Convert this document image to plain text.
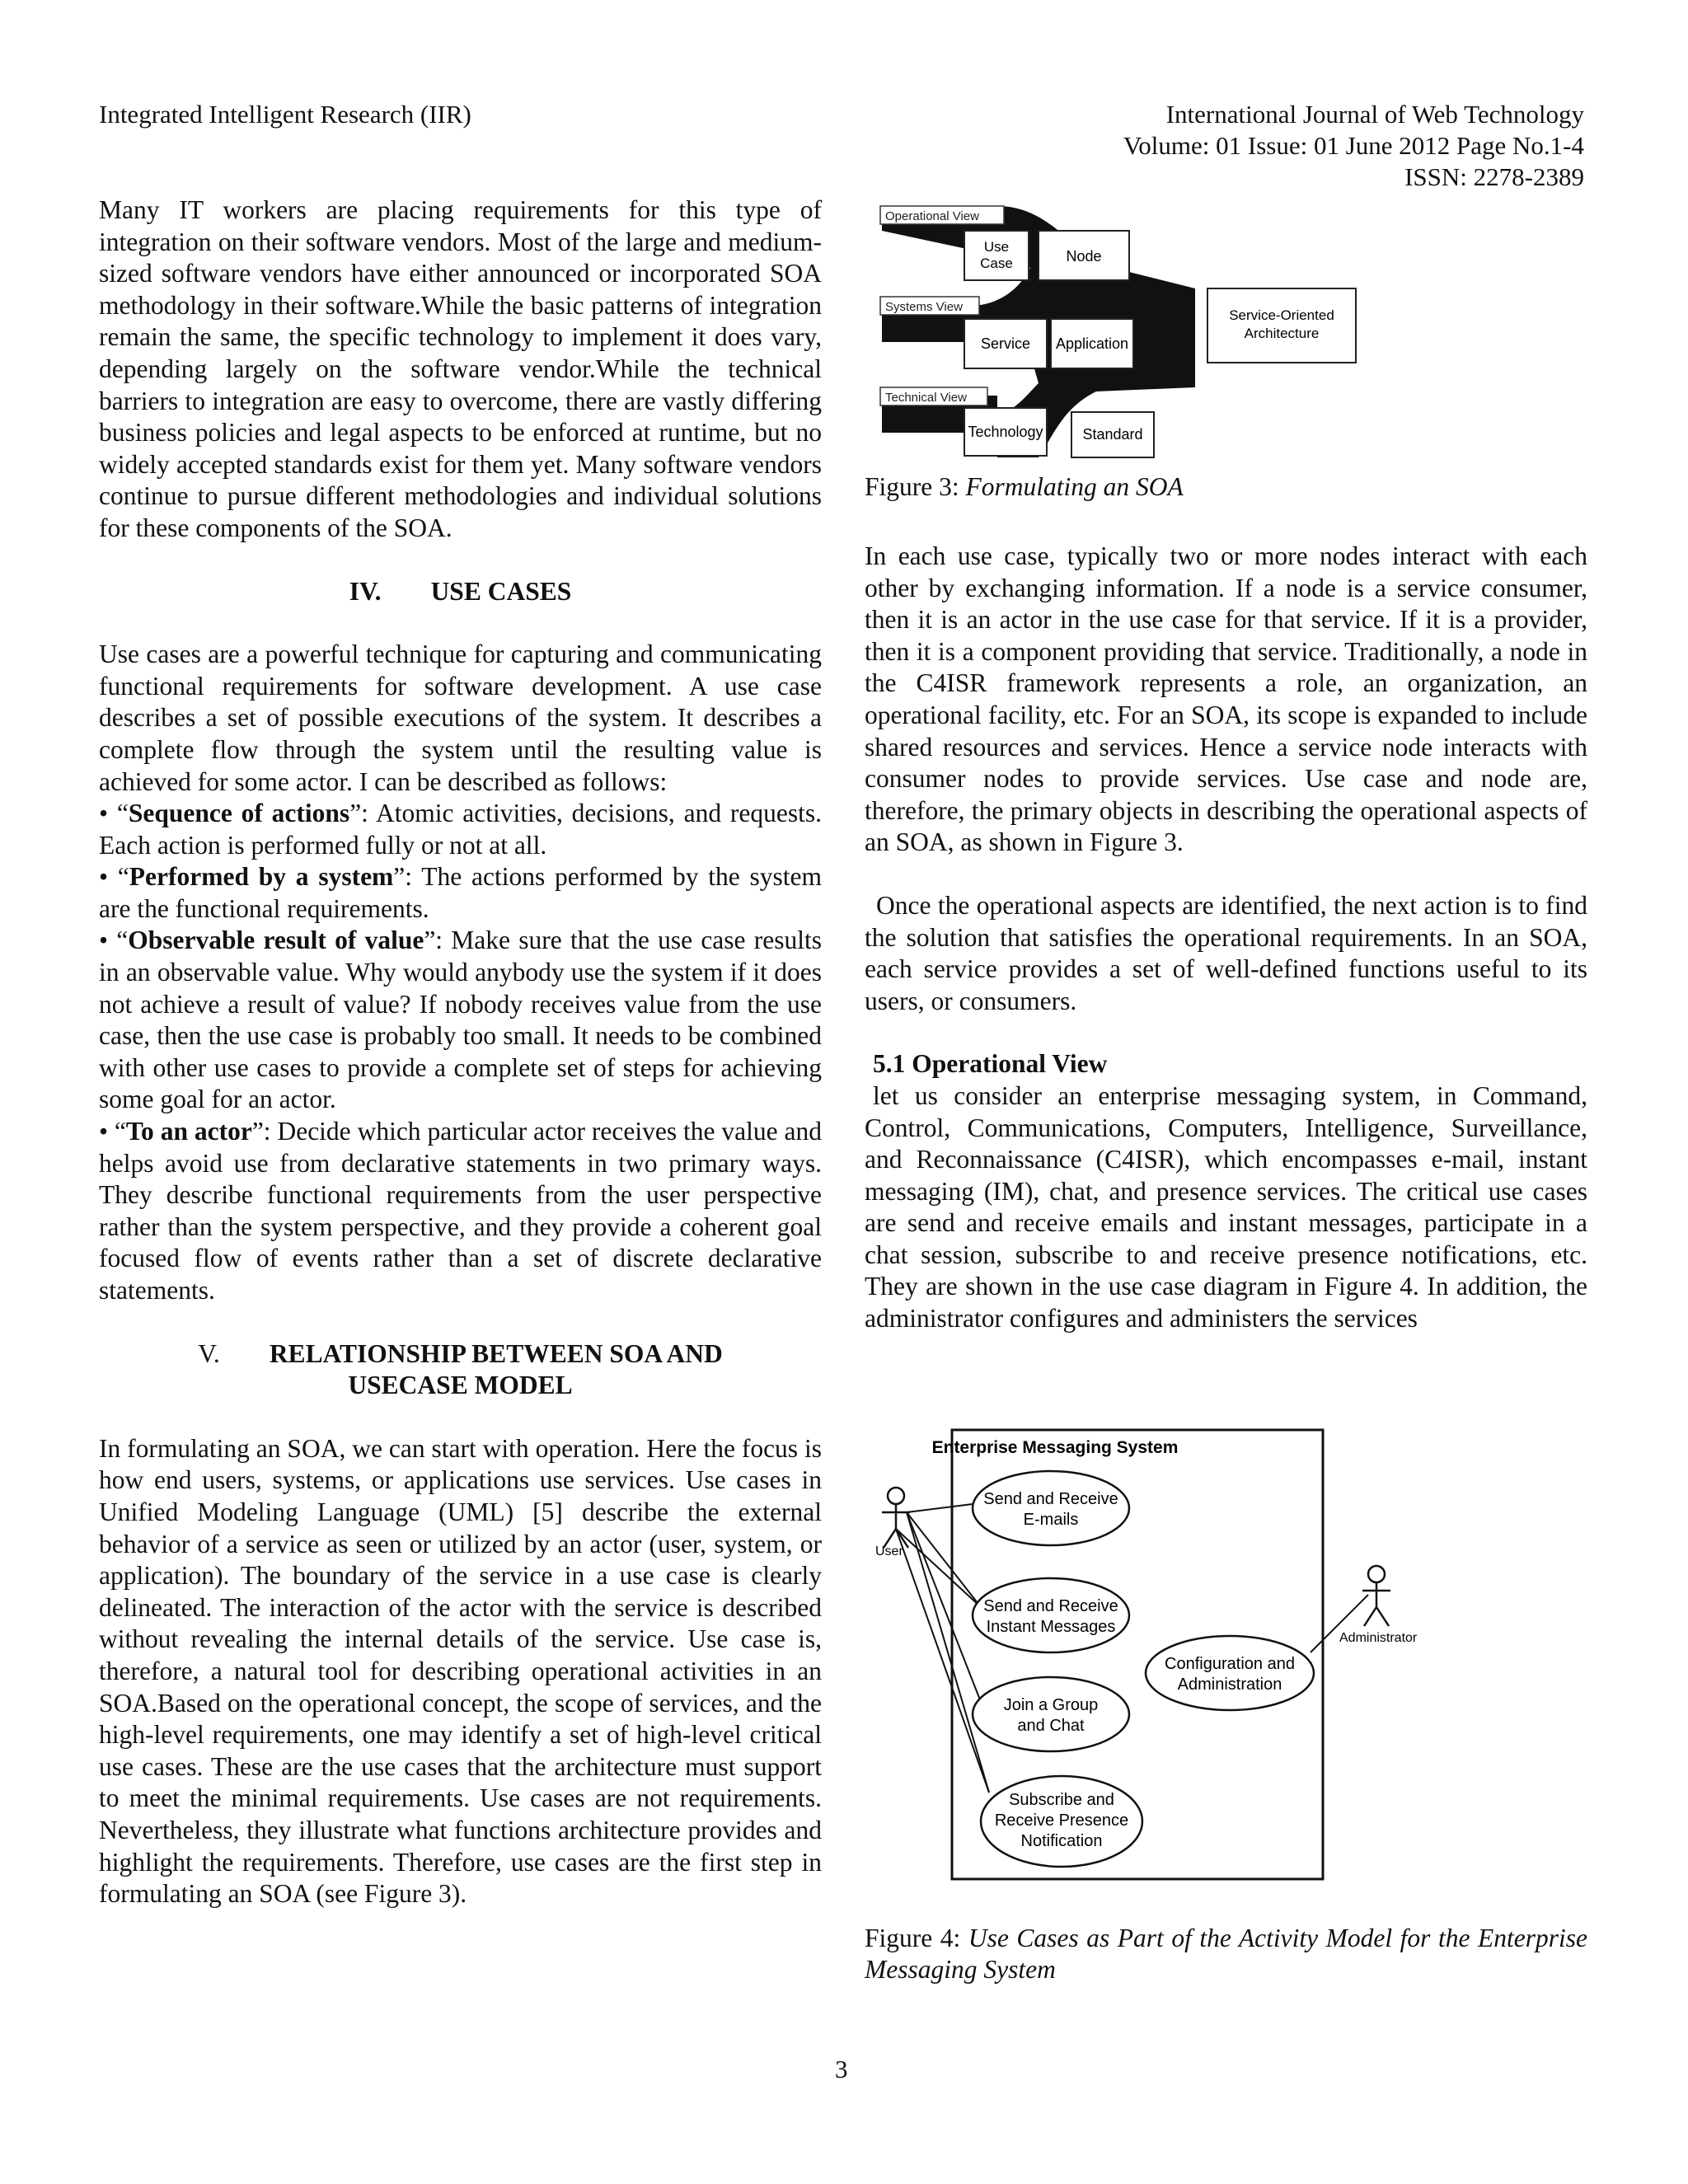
Integrated Intelligent Research (IIR)	International Journal of Web Technology
Volume: 01 Issue: 01 June 2012 Page No.1-4
ISSN: 2278-2389

Many IT workers are placing requirements for this type of integration on their software vendors. Most of the large and medium-sized software vendors have either announced or incorporated SOA methodology in their software.While the basic patterns of integration remain the same, the specific technology to implement it does vary, depending largely on the software vendor.While the technical barriers to integration are easy to overcome, there are vastly differing business policies and legal aspects to be enforced at runtime, but no widely accepted standards exist for them yet. Many software vendors continue to pursue different methodologies and individual solutions for these components of the SOA.

IV. USE CASES

Use cases are a powerful technique for capturing and communicating functional requirements for software development. A use case describes a set of possible executions of the system. It describes a complete flow through the system until the resulting value is achieved for some actor. I can be described as follows:

• “Sequence of actions”: Atomic activities, decisions, and requests. Each action is performed fully or not at all.

• “Performed by a system”: The actions performed by the system are the functional requirements.

• “Observable result of value”: Make sure that the use case results in an observable value. Why would anybody use the system if it does not achieve a result of value? If nobody receives value from the use case, then the use case is probably too small. It needs to be combined with other use cases to provide a complete set of steps for achieving some goal for an actor.

• “To an actor”: Decide which particular actor receives the value and helps avoid use from declarative statements in two primary ways. They describe functional requirements from the user perspective rather than the system perspective, and they provide a coherent goal focused flow of events rather than a set of discrete declarative statements.

V. RELATIONSHIP BETWEEN SOA AND
USECASE MODEL

In formulating an SOA, we can start with operation. Here the focus is how end users, systems, or applications use services. Use cases in Unified Modeling Language (UML) [5] describe the external behavior of a service as seen or utilized by an actor (user, system, or application). The boundary of the service in a use case is clearly delineated. The interaction of the actor with the service is described without revealing the internal details of the service. Use case is, therefore, a natural tool for describing operational activities in an SOA.Based on the operational concept, the scope of services, and the high-level requirements, one may identify a set of high-level critical use cases. These are the use cases that the architecture must support to meet the minimal requirements. Use cases are not requirements. Nevertheless, they illustrate what functions architecture provides and highlight the requirements. Therefore, use cases are the first step in formulating an SOA (see Figure 3).

Operational View
Systems View
Technical View
Use
Case	Node
Service Application
Technology	Standard
Service-Oriented
Architecture
Figure 3: Formulating an SOA

In each use case, typically two or more nodes interact with each other by exchanging information. If a node is a service consumer, then it is an actor in the use case for that service. If it is a provider, then it is a component providing that service. Traditionally, a node in the C4ISR framework represents a role, an organization, an operational facility, etc. For an SOA, its scope is expanded to include shared resources and services. Hence a service node interacts with consumer nodes to provide services. Use case and node are, therefore, the primary objects in describing the operational aspects of an SOA, as shown in Figure 3.

Once the operational aspects are identified, the next action is to find the solution that satisfies the operational requirements. In an SOA, each service provides a set of well-defined functions useful to its users, or consumers.

5.1 Operational View

let us consider an enterprise messaging system, in Command, Control, Communications, Computers, Intelligence, Surveillance, and Reconnaissance (C4ISR), which encompasses e-mail, instant messaging (IM), chat, and presence services. The critical use cases are send and receive emails and instant messages, participate in a chat session, subscribe to and receive presence notifications, etc. They are shown in the use case diagram in Figure 4. In addition, the administrator configures and administers the services

Enterprise Messaging System
User
Administrator
Send and Receive
E-mails
Send and Receive
Instant Messages
Join a Group
and Chat
Subscribe and
Receive Presence
Notification
Configuration and
Administration
Figure 4: Use Cases as Part of the Activity Model for the Enterprise Messaging System
3
